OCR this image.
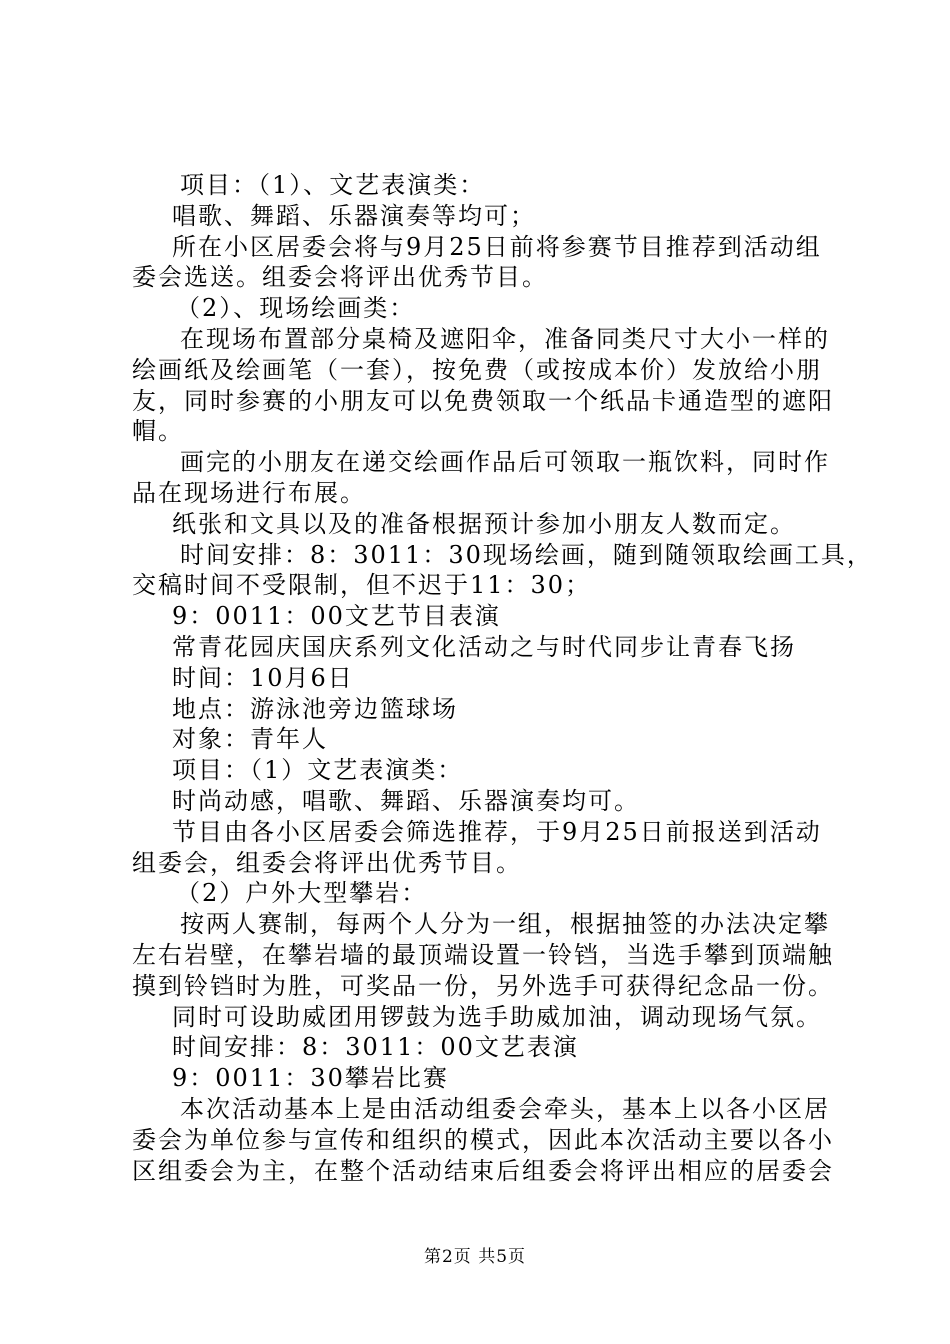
项目：（1）、文艺表演类：
唱歌、舞蹈、乐器演奏等均可；
所在小区居委会将与9月25日前将参赛节目推荐到活动组
委会选送。组委会将评出优秀节目。
（2）、现场绘画类：
在现场布置部分桌椅及遮阳伞，准备同类尺寸大小一样的
绘画纸及绘画笔（一套），按免费（或按成本价）发放给小朋
友，同时参赛的小朋友可以免费领取一个纸品卡通造型的遮阳
帽。
画完的小朋友在递交绘画作品后可领取一瓶饮料，同时作
品在现场进行布展。
纸张和文具以及的准备根据预计参加小朋友人数而定。
时间安排：8：3011：30现场绘画，随到随领取绘画工具，
交稿时间不受限制，但不迟于11：30；
9：0011：00文艺节目表演
常青花园庆国庆系列文化活动之与时代同步让青春飞扬
时间：10月6日
地点：游泳池旁边篮球场
对象：青年人
项目：（1）文艺表演类：
时尚动感，唱歌、舞蹈、乐器演奏均可。
节目由各小区居委会筛选推荐，于9月25日前报送到活动
组委会，组委会将评出优秀节目。
（2）户外大型攀岩：
按两人赛制，每两个人分为一组，根据抽签的办法决定攀
左右岩壁，在攀岩墙的最顶端设置一铃铛，当选手攀到顶端触
摸到铃铛时为胜，可奖品一份，另外选手可获得纪念品一份。
同时可设助威团用锣鼓为选手助威加油，调动现场气氛。
时间安排：8：3011：00文艺表演
9：0011：30攀岩比赛
本次活动基本上是由活动组委会牵头，基本上以各小区居
委会为单位参与宣传和组织的模式，因此本次活动主要以各小
区组委会为主，在整个活动结束后组委会将评出相应的居委会
第2页 共5页
